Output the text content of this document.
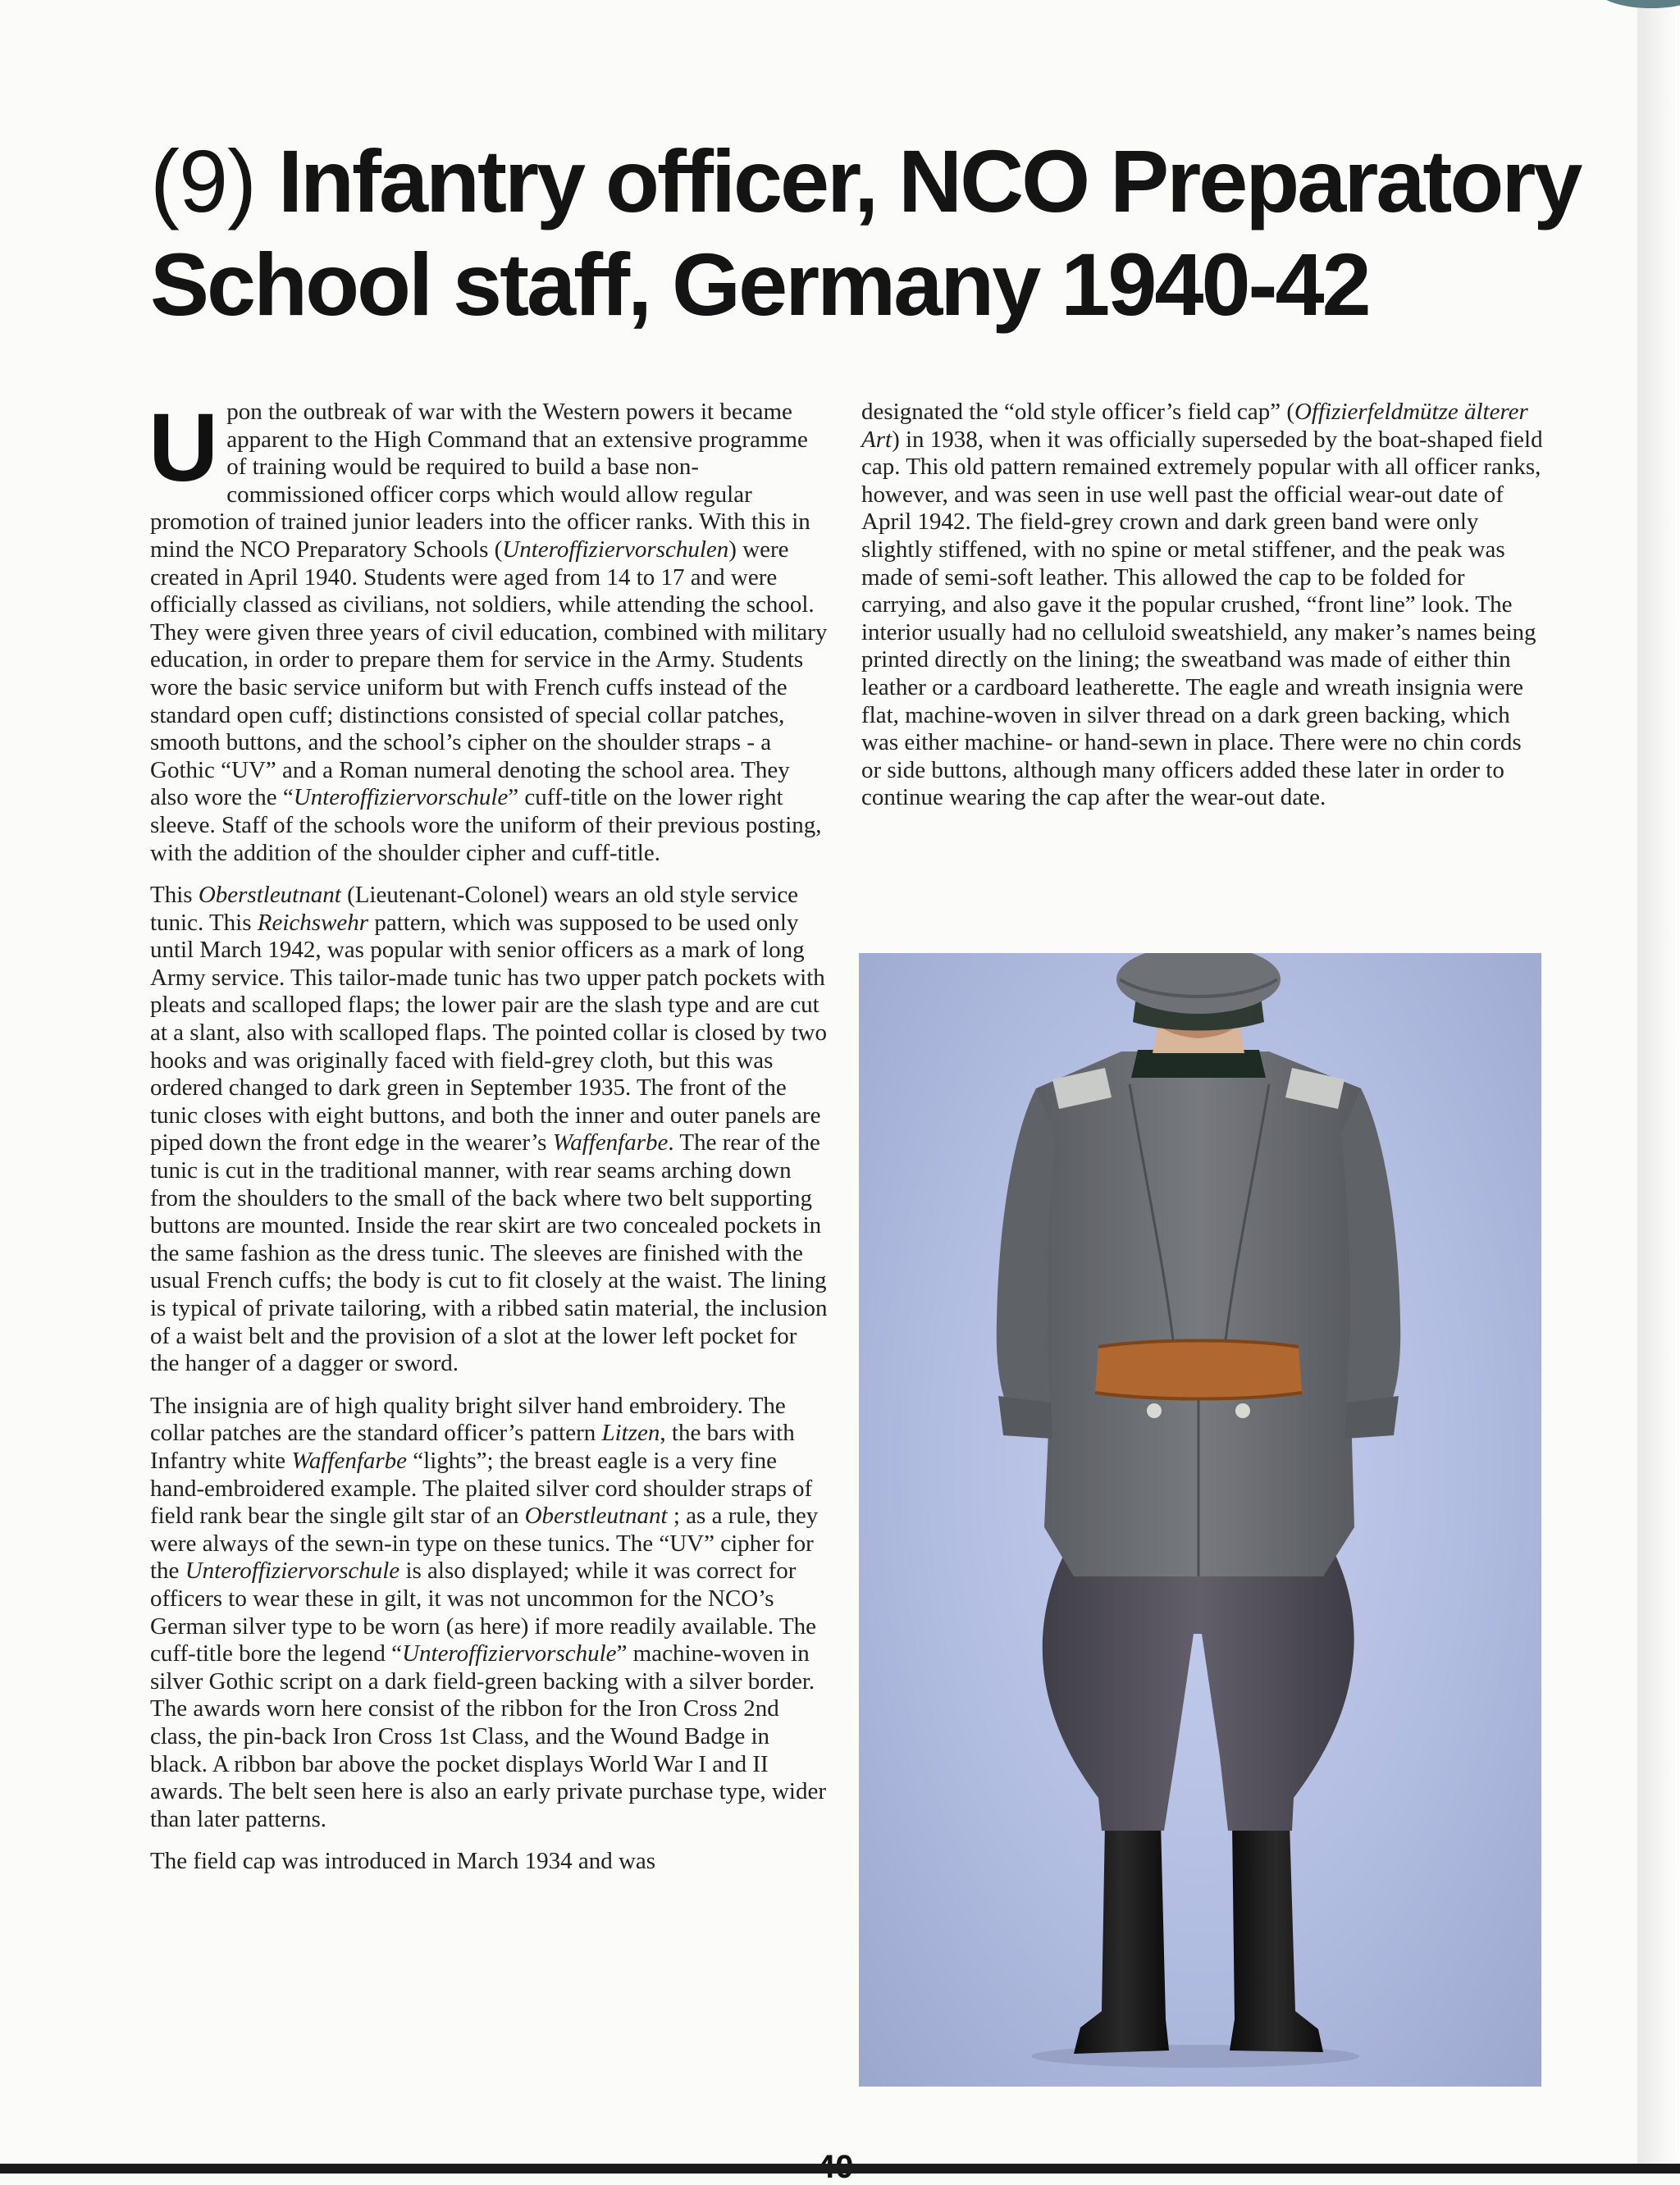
(9) Infantry officer, NCO Preparatory School staff, Germany 1940-42

Upon the outbreak of war with the Western powers it became apparent to the High Command that an extensive programme of training would be required to build a base non-commissioned officer corps which would allow regular promotion of trained junior leaders into the officer ranks. With this in mind the NCO Preparatory Schools (Unteroffiziervorschulen) were created in April 1940. Students were aged from 14 to 17 and were officially classed as civilians, not soldiers, while attending the school. They were given three years of civil education, combined with military education, in order to prepare them for service in the Army. Students wore the basic service uniform but with French cuffs instead of the standard open cuff; distinctions consisted of special collar patches, smooth buttons, and the school’s cipher on the shoulder straps - a Gothic “UV” and a Roman numeral denoting the school area. They also wore the “Unteroffiziervorschule” cuff-title on the lower right sleeve. Staff of the schools wore the uniform of their previous posting, with the addition of the shoulder cipher and cuff-title.

This Oberstleutnant (Lieutenant-Colonel) wears an old style service tunic. This Reichswehr pattern, which was supposed to be used only until March 1942, was popular with senior officers as a mark of long Army service. This tailor-made tunic has two upper patch pockets with pleats and scalloped flaps; the lower pair are the slash type and are cut at a slant, also with scalloped flaps. The pointed collar is closed by two hooks and was originally faced with field-grey cloth, but this was ordered changed to dark green in September 1935. The front of the tunic closes with eight buttons, and both the inner and outer panels are piped down the front edge in the wearer’s Waffenfarbe. The rear of the tunic is cut in the traditional manner, with rear seams arching down from the shoulders to the small of the back where two belt supporting buttons are mounted. Inside the rear skirt are two concealed pockets in the same fashion as the dress tunic. The sleeves are finished with the usual French cuffs; the body is cut to fit closely at the waist. The lining is typical of private tailoring, with a ribbed satin material, the inclusion of a waist belt and the provision of a slot at the lower left pocket for the hanger of a dagger or sword.

The insignia are of high quality bright silver hand embroidery. The collar patches are the standard officer’s pattern Litzen, the bars with Infantry white Waffenfarbe “lights”; the breast eagle is a very fine hand-embroidered example. The plaited silver cord shoulder straps of field rank bear the single gilt star of an Oberstleutnant ; as a rule, they were always of the sewn-in type on these tunics. The “UV” cipher for the Unteroffiziervorschule is also displayed; while it was correct for officers to wear these in gilt, it was not uncommon for the NCO’s German silver type to be worn (as here) if more readily available. The cuff-title bore the legend “Unteroffiziervorschule” machine-woven in silver Gothic script on a dark field-green backing with a silver border. The awards worn here consist of the ribbon for the Iron Cross 2nd class, the pin-back Iron Cross 1st Class, and the Wound Badge in black. A ribbon bar above the pocket displays World War I and II awards. The belt seen here is also an early private purchase type, wider than later patterns.

The field cap was introduced in March 1934 and was

designated the “old style officer’s field cap” (Offizierfeldmütze älterer Art) in 1938, when it was officially superseded by the boat-shaped field cap. This old pattern remained extremely popular with all officer ranks, however, and was seen in use well past the official wear-out date of April 1942. The field-grey crown and dark green band were only slightly stiffened, with no spine or metal stiffener, and the peak was made of semi-soft leather. This allowed the cap to be folded for carrying, and also gave it the popular crushed, “front line” look. The interior usually had no celluloid sweatshield, any maker’s names being printed directly on the lining; the sweatband was made of either thin leather or a cardboard leatherette. The eagle and wreath insignia were flat, machine-woven in silver thread on a dark green backing, which was either machine- or hand-sewn in place. There were no chin cords or side buttons, although many officers added these later in order to continue wearing the cap after the wear-out date.
